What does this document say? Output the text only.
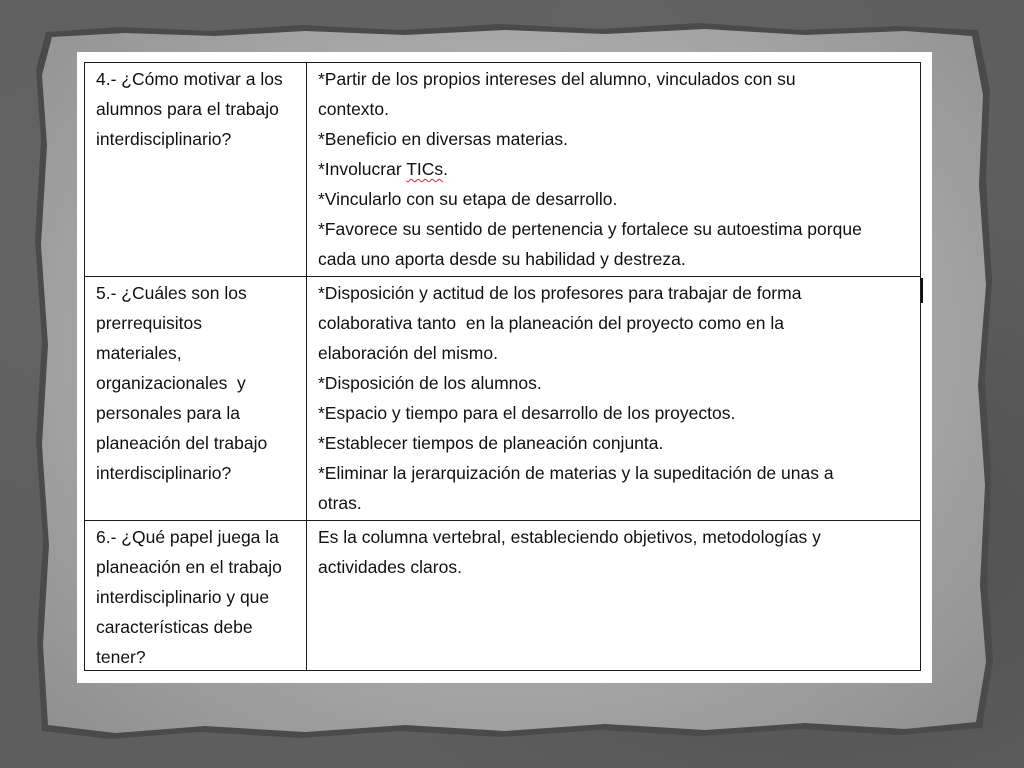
4.- ¿Cómo motivar a los
alumnos para el trabajo
interdisciplinario?
*Partir de los propios intereses del alumno, vinculados con su
contexto.
*Beneficio en diversas materias.
*Involucrar TICs.
*Vincularlo con su etapa de desarrollo.
*Favorece su sentido de pertenencia y fortalece su autoestima porque
cada uno aporta desde su habilidad y destreza.
5.- ¿Cuáles son los
prerrequisitos
materiales,
organizacionales  y
personales para la
planeación del trabajo
interdisciplinario?
*Disposición y actitud de los profesores para trabajar de forma
colaborativa tanto  en la planeación del proyecto como en la
elaboración del mismo.
*Disposición de los alumnos.
*Espacio y tiempo para el desarrollo de los proyectos.
*Establecer tiempos de planeación conjunta.
*Eliminar la jerarquización de materias y la supeditación de unas a
otras.
6.- ¿Qué papel juega la
planeación en el trabajo
interdisciplinario y que
características debe
tener?
Es la columna vertebral, estableciendo objetivos, metodologías y
actividades claros.
